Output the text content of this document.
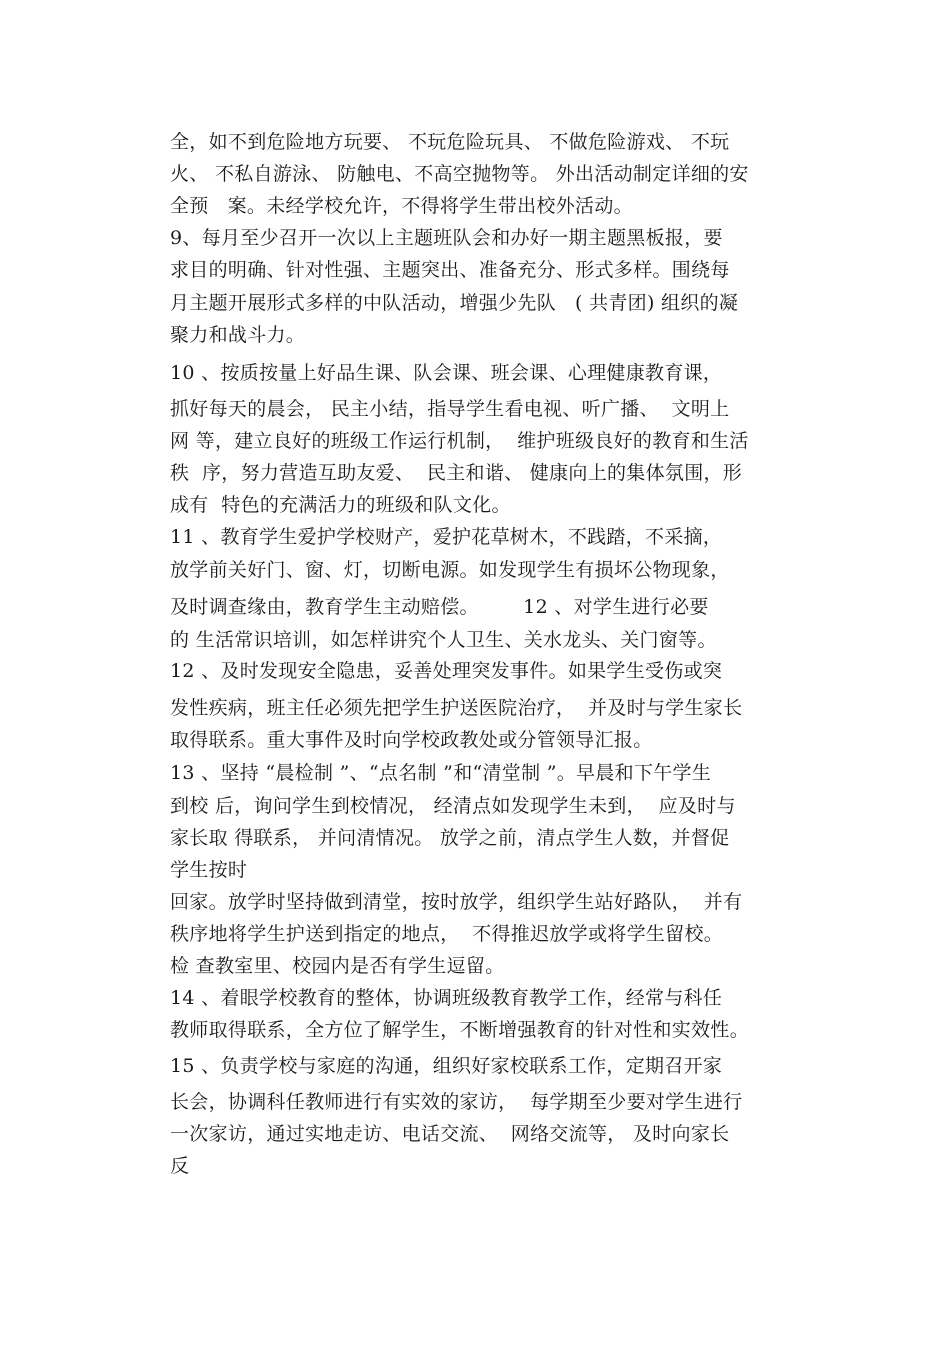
全，如不到危险地方玩要、 不玩危险玩具、 不做危险游戏、 不玩

火、 不私自游泳、 防触电、不高空抛物等。 外出活动制定详细的安

全预   案。未经学校允许，不得将学生带出校外活动。

9、每月至少召开一次以上主题班队会和办好一期主题黑板报，要

求目的明确、针对性强、主题突出、准备充分、形式多样。围绕每

月主题开展形式多样的中队活动，增强少先队   ( 共青团) 组织的凝

聚力和战斗力。

10 、按质按量上好品生课、队会课、班会课、心理健康教育课，

抓好每天的晨会， 民主小结，指导学生看电视、听广播、  文明上

网 等，建立良好的班级工作运行机制，  维护班级良好的教育和生活

秩  序，努力营造互助友爱、  民主和谐、 健康向上的集体氛围，形

成有  特色的充满活力的班级和队文化。

11 、教育学生爱护学校财产，爱护花草树木，不践踏，不采摘，

放学前关好门、窗、灯，切断电源。如发现学生有损坏公物现象，

及时调查缘由，教育学生主动赔偿。       12 、对学生进行必要

的 生活常识培训，如怎样讲究个人卫生、关水龙头、关门窗等。

12 、及时发现安全隐患，妥善处理突发事件。如果学生受伤或突

发性疾病，班主任必须先把学生护送医院治疗，  并及时与学生家长

取得联系。重大事件及时向学校政教处或分管领导汇报。

13 、坚持 “晨检制 ”、“点名制 ”和“清堂制 ”。早晨和下午学生

到校 后，询问学生到校情况， 经清点如发现学生未到，  应及时与

家长取 得联系， 并问清情况。 放学之前，清点学生人数，并督促

学生按时

回家。放学时坚持做到清堂，按时放学，组织学生站好路队，  并有

秩序地将学生护送到指定的地点，  不得推迟放学或将学生留校。

检 查教室里、校园内是否有学生逗留。

14 、着眼学校教育的整体，协调班级教育教学工作，经常与科任

教师取得联系，全方位了解学生，不断增强教育的针对性和实效性。

15 、负责学校与家庭的沟通，组织好家校联系工作，定期召开家

长会，协调科任教师进行有实效的家访，  每学期至少要对学生进行

一次家访，通过实地走访、电话交流、  网络交流等， 及时向家长

反
